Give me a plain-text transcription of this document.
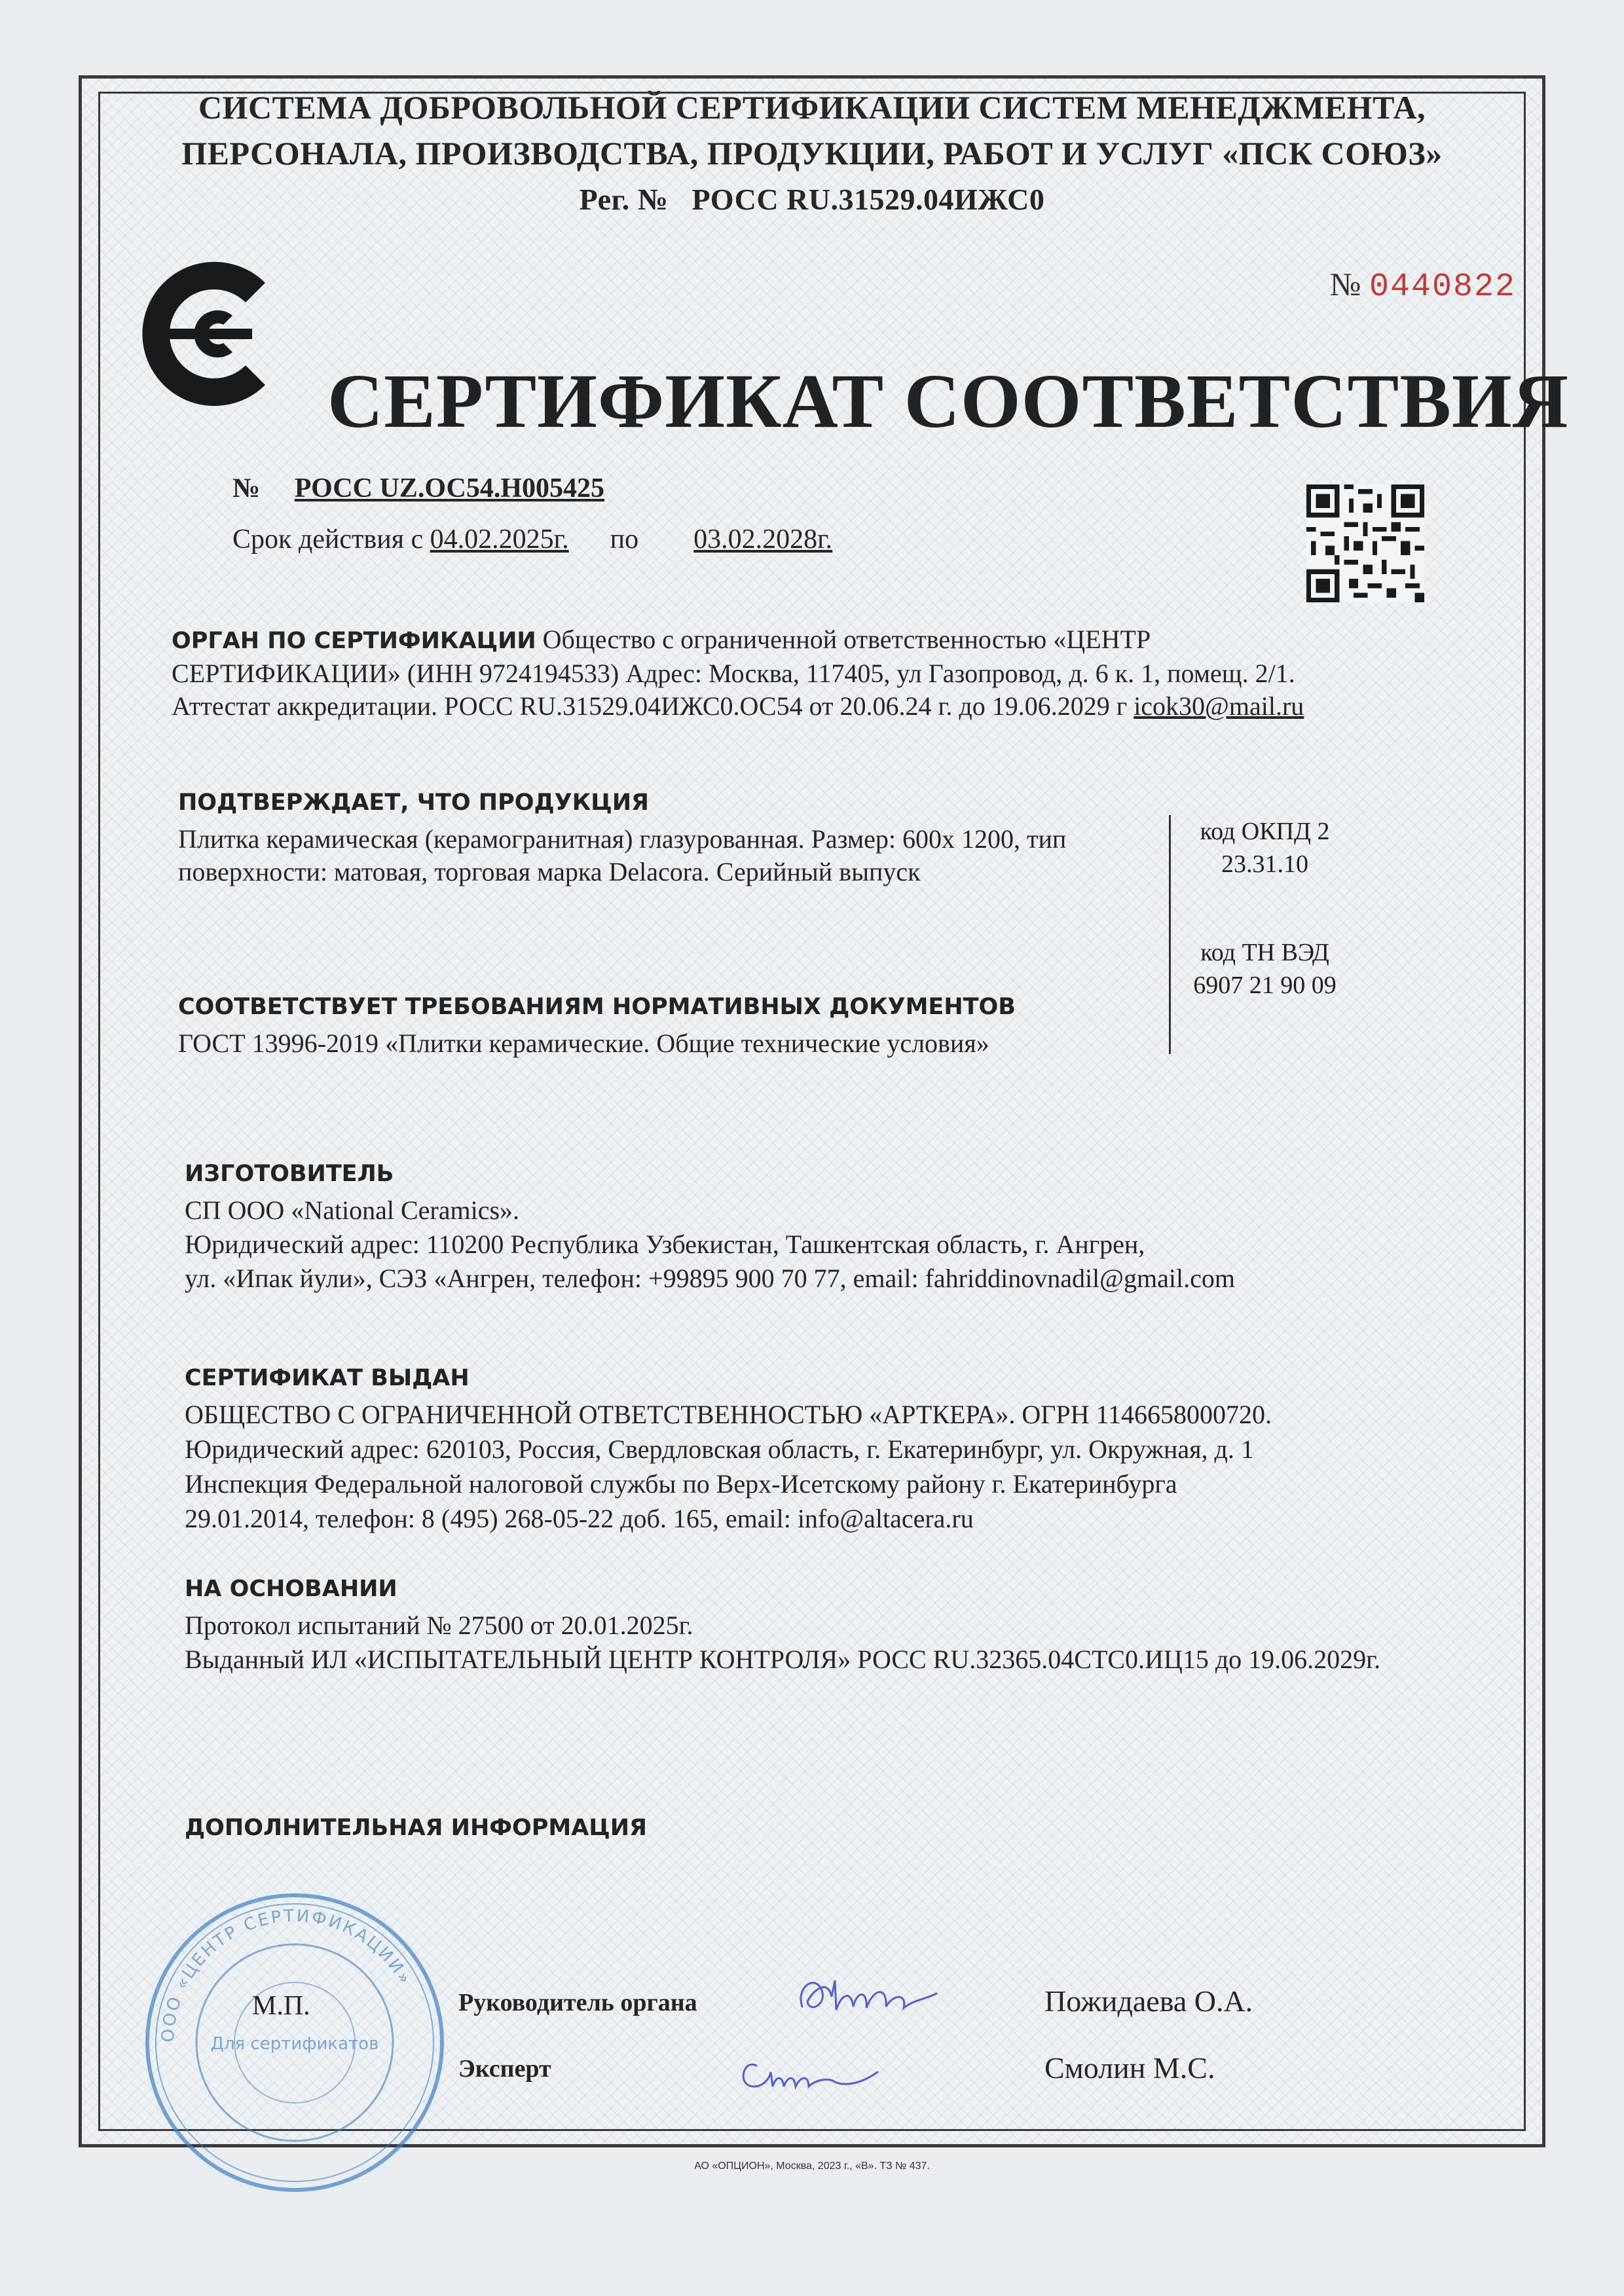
СИСТЕМА ДОБРОВОЛЬНОЙ СЕРТИФИКАЦИИ СИСТЕМ МЕНЕДЖМЕНТА,
ПЕРСОНАЛА, ПРОИЗВОДСТВА, ПРОДУКЦИИ, РАБОТ И УСЛУГ «ПСК СОЮЗ»
Рег. № РОСС RU.31529.04ИЖС0
№ 0440822
СЕРТИФИКАТ СООТВЕТСТВИЯ
№ РОСС UZ.ОС54.Н005425
Срок действия с 04.02.2025г. по 03.02.2028г.
ОРГАН ПО СЕРТИФИКАЦИИ Общество с ограниченной ответственностью «ЦЕНТР
СЕРТИФИКАЦИИ» (ИНН 9724194533) Адрес: Москва, 117405, ул Газопровод, д. 6 к. 1, помещ. 2/1.
Аттестат аккредитации. РОСС RU.31529.04ИЖС0.ОС54 от 20.06.24 г. до 19.06.2029 г icok30@mail.ru
ПОДТВЕРЖДАЕТ, ЧТО ПРОДУКЦИЯ
Плитка керамическая (керамогранитная) глазурованная. Размер: 600х 1200, тип
поверхности: матовая, торговая марка Delacora. Серийный выпуск
код ОКПД 2
23.31.10
код ТН ВЭД
6907 21 90 09
СООТВЕТСТВУЕТ ТРЕБОВАНИЯМ НОРМАТИВНЫХ ДОКУМЕНТОВ
ГОСТ 13996-2019 «Плитки керамические. Общие технические условия»
ИЗГОТОВИТЕЛЬ
СП ООО «National Ceramics».
Юридический адрес: 110200 Республика Узбекистан, Ташкентская область, г. Ангрен,
ул. «Ипак йули», СЭЗ «Ангрен, телефон: +99895 900 70 77, email: fahriddinovnadil@gmail.com
СЕРТИФИКАТ ВЫДАН
ОБЩЕСТВО С ОГРАНИЧЕННОЙ ОТВЕТСТВЕННОСТЬЮ «АРТКЕРА». ОГРН 1146658000720.
Юридический адрес: 620103, Россия, Свердловская область, г. Екатеринбург, ул. Окружная, д. 1
Инспекция Федеральной налоговой службы по Верх-Исетскому району г. Екатеринбурга
29.01.2014, телефон: 8 (495) 268-05-22 доб. 165, email: info@altacera.ru
НА ОСНОВАНИИ
Протокол испытаний № 27500 от 20.01.2025г.
Выданный ИЛ «ИСПЫТАТЕЛЬНЫЙ ЦЕНТР КОНТРОЛЯ» РОСС RU.32365.04СТС0.ИЦ15 до 19.06.2029г.
ДОПОЛНИТЕЛЬНАЯ ИНФОРМАЦИЯ
ООО «ЦЕНТР СЕРТИФИКАЦИИ»
Для сертификатов
М.П.	Руководитель органа
Эксперт
Пожидаева О.А.
Смолин М.С.
АО «ОПЦИОН», Москва, 2023 г., «В». ТЗ № 437.
